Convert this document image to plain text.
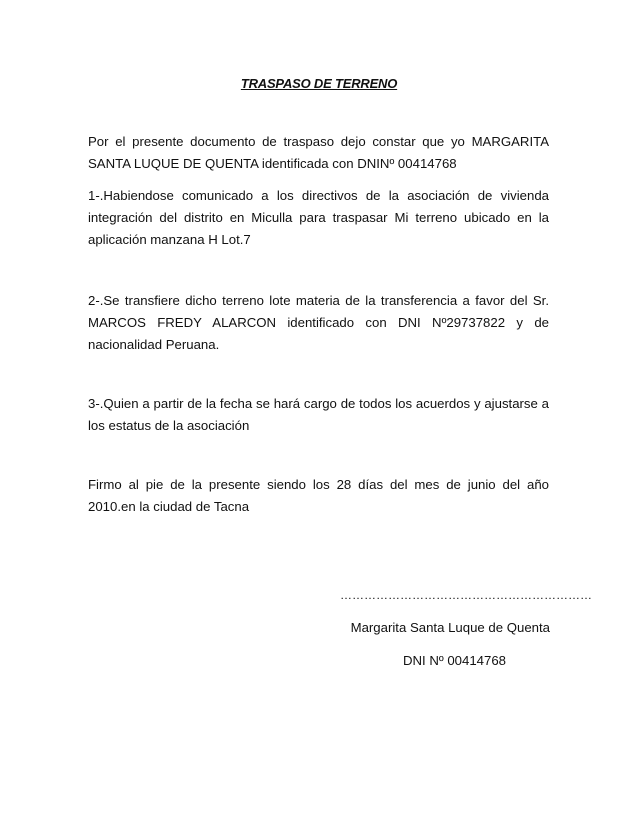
TRASPASO DE TERRENO

Por el presente documento de traspaso dejo constar que yo MARGARITA SANTA LUQUE DE QUENTA identificada con DNINº 00414768

1-.Habiendose comunicado a los directivos de la asociación de vivienda integración del distrito en Miculla para traspasar Mi terreno ubicado en la aplicación manzana H Lot.7

2-.Se transfiere dicho terreno lote materia de la transferencia a favor del Sr. MARCOS FREDY ALARCON identificado con DNI Nº29737822 y de nacionalidad Peruana.

3-.Quien a partir de la fecha se hará cargo de todos los acuerdos y ajustarse a los estatus de la asociación

Firmo al pie de la presente siendo los 28 días del mes de junio del año 2010.en la ciudad de Tacna

………………………………………………………
Margarita Santa Luque de Quenta
DNI Nº 00414768
